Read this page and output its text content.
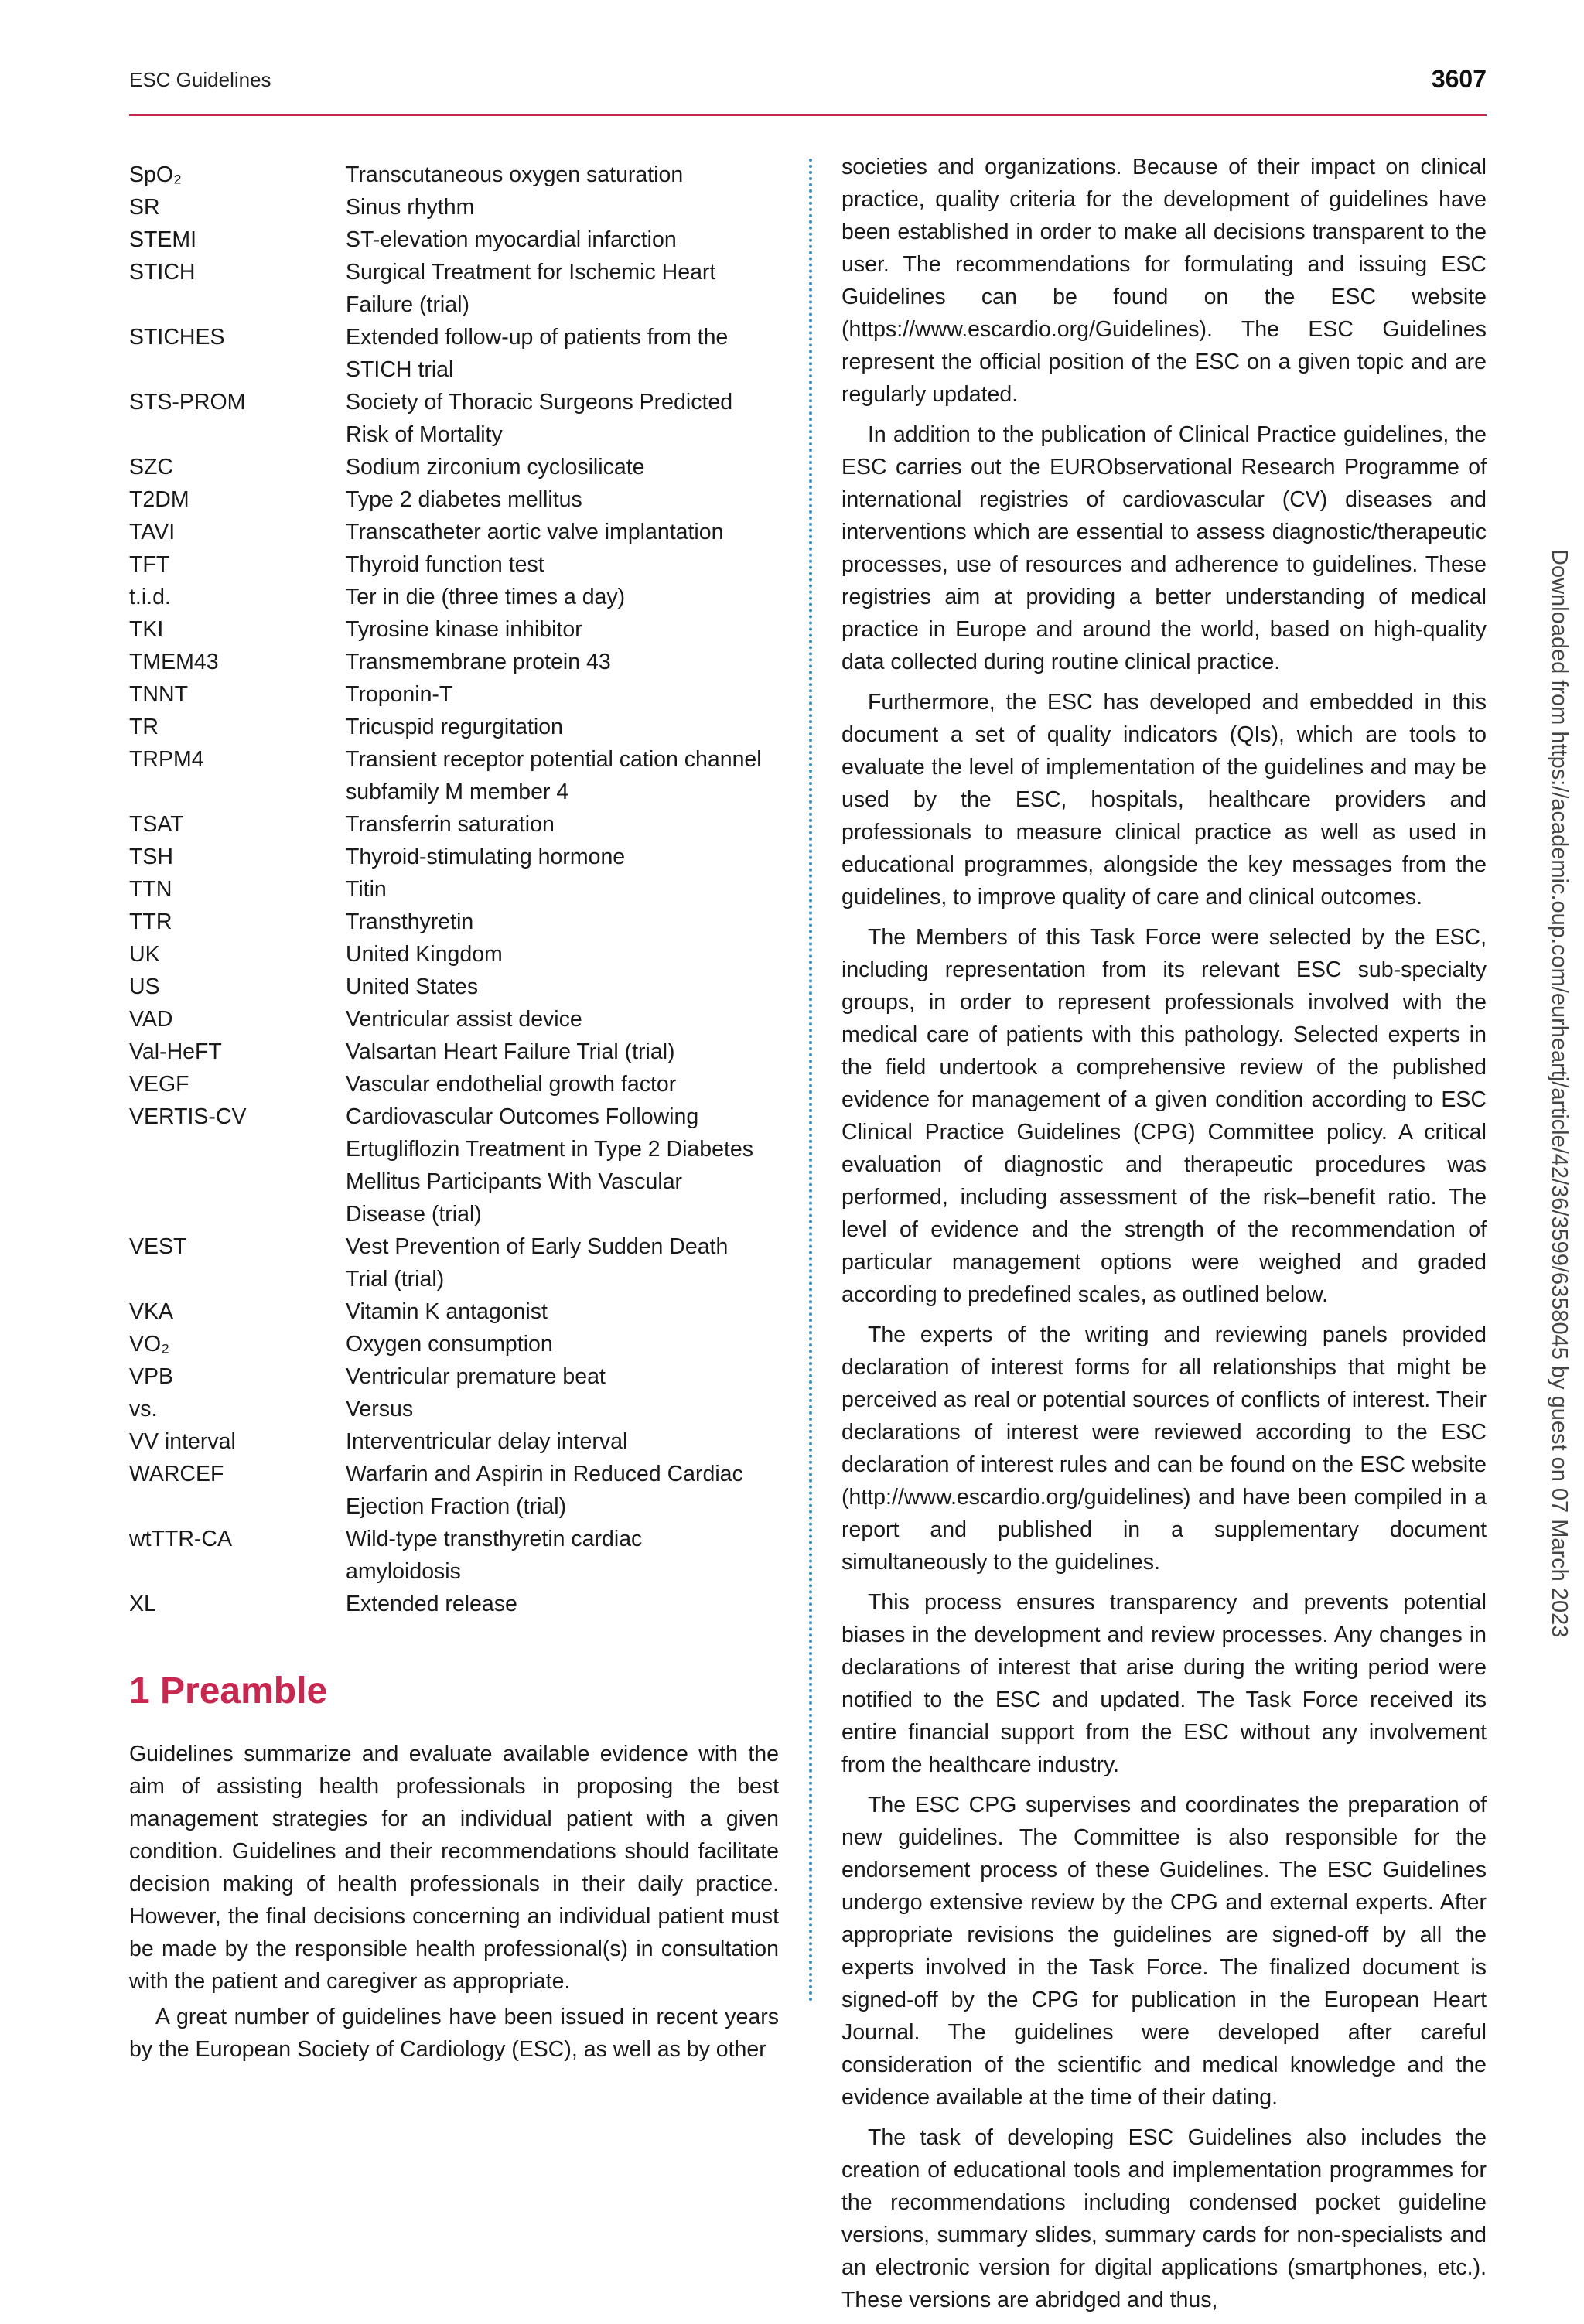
ESC Guidelines	3607
SpO₂	Transcutaneous oxygen saturation
SR	Sinus rhythm
STEMI	ST-elevation myocardial infarction
STICH	Surgical Treatment for Ischemic Heart Failure (trial)
STICHES	Extended follow-up of patients from the STICH trial
STS-PROM	Society of Thoracic Surgeons Predicted Risk of Mortality
SZC	Sodium zirconium cyclosilicate
T2DM	Type 2 diabetes mellitus
TAVI	Transcatheter aortic valve implantation
TFT	Thyroid function test
t.i.d.	Ter in die (three times a day)
TKI	Tyrosine kinase inhibitor
TMEM43	Transmembrane protein 43
TNNT	Troponin-T
TR	Tricuspid regurgitation
TRPM4	Transient receptor potential cation channel subfamily M member 4
TSAT	Transferrin saturation
TSH	Thyroid-stimulating hormone
TTN	Titin
TTR	Transthyretin
UK	United Kingdom
US	United States
VAD	Ventricular assist device
Val-HeFT	Valsartan Heart Failure Trial (trial)
VEGF	Vascular endothelial growth factor
VERTIS-CV	Cardiovascular Outcomes Following Ertugliflozin Treatment in Type 2 Diabetes Mellitus Participants With Vascular Disease (trial)
VEST	Vest Prevention of Early Sudden Death Trial (trial)
VKA	Vitamin K antagonist
VO₂	Oxygen consumption
VPB	Ventricular premature beat
vs.	Versus
VV interval	Interventricular delay interval
WARCEF	Warfarin and Aspirin in Reduced Cardiac Ejection Fraction (trial)
wtTTR-CA	Wild-type transthyretin cardiac amyloidosis
XL	Extended release
1 Preamble

Guidelines summarize and evaluate available evidence with the aim of assisting health professionals in proposing the best management strategies for an individual patient with a given condition. Guidelines and their recommendations should facilitate decision making of health professionals in their daily practice. However, the final decisions concerning an individual patient must be made by the responsible health professional(s) in consultation with the patient and caregiver as appropriate.

A great number of guidelines have been issued in recent years by the European Society of Cardiology (ESC), as well as by other

societies and organizations. Because of their impact on clinical practice, quality criteria for the development of guidelines have been established in order to make all decisions transparent to the user. The recommendations for formulating and issuing ESC Guidelines can be found on the ESC website (https://www.escardio.org/Guidelines). The ESC Guidelines represent the official position of the ESC on a given topic and are regularly updated.

In addition to the publication of Clinical Practice guidelines, the ESC carries out the EURObservational Research Programme of international registries of cardiovascular (CV) diseases and interventions which are essential to assess diagnostic/therapeutic processes, use of resources and adherence to guidelines. These registries aim at providing a better understanding of medical practice in Europe and around the world, based on high-quality data collected during routine clinical practice.

Furthermore, the ESC has developed and embedded in this document a set of quality indicators (QIs), which are tools to evaluate the level of implementation of the guidelines and may be used by the ESC, hospitals, healthcare providers and professionals to measure clinical practice as well as used in educational programmes, alongside the key messages from the guidelines, to improve quality of care and clinical outcomes.

The Members of this Task Force were selected by the ESC, including representation from its relevant ESC sub-specialty groups, in order to represent professionals involved with the medical care of patients with this pathology. Selected experts in the field undertook a comprehensive review of the published evidence for management of a given condition according to ESC Clinical Practice Guidelines (CPG) Committee policy. A critical evaluation of diagnostic and therapeutic procedures was performed, including assessment of the risk–benefit ratio. The level of evidence and the strength of the recommendation of particular management options were weighed and graded according to predefined scales, as outlined below.

The experts of the writing and reviewing panels provided declaration of interest forms for all relationships that might be perceived as real or potential sources of conflicts of interest. Their declarations of interest were reviewed according to the ESC declaration of interest rules and can be found on the ESC website (http://www.escardio.org/guidelines) and have been compiled in a report and published in a supplementary document simultaneously to the guidelines.

This process ensures transparency and prevents potential biases in the development and review processes. Any changes in declarations of interest that arise during the writing period were notified to the ESC and updated. The Task Force received its entire financial support from the ESC without any involvement from the healthcare industry.

The ESC CPG supervises and coordinates the preparation of new guidelines. The Committee is also responsible for the endorsement process of these Guidelines. The ESC Guidelines undergo extensive review by the CPG and external experts. After appropriate revisions the guidelines are signed-off by all the experts involved in the Task Force. The finalized document is signed-off by the CPG for publication in the European Heart Journal. The guidelines were developed after careful consideration of the scientific and medical knowledge and the evidence available at the time of their dating.

The task of developing ESC Guidelines also includes the creation of educational tools and implementation programmes for the recommendations including condensed pocket guideline versions, summary slides, summary cards for non-specialists and an electronic version for digital applications (smartphones, etc.). These versions are abridged and thus,

Downloaded from https://academic.oup.com/eurheartj/article/42/36/3599/6358045 by guest on 07 March 2023
